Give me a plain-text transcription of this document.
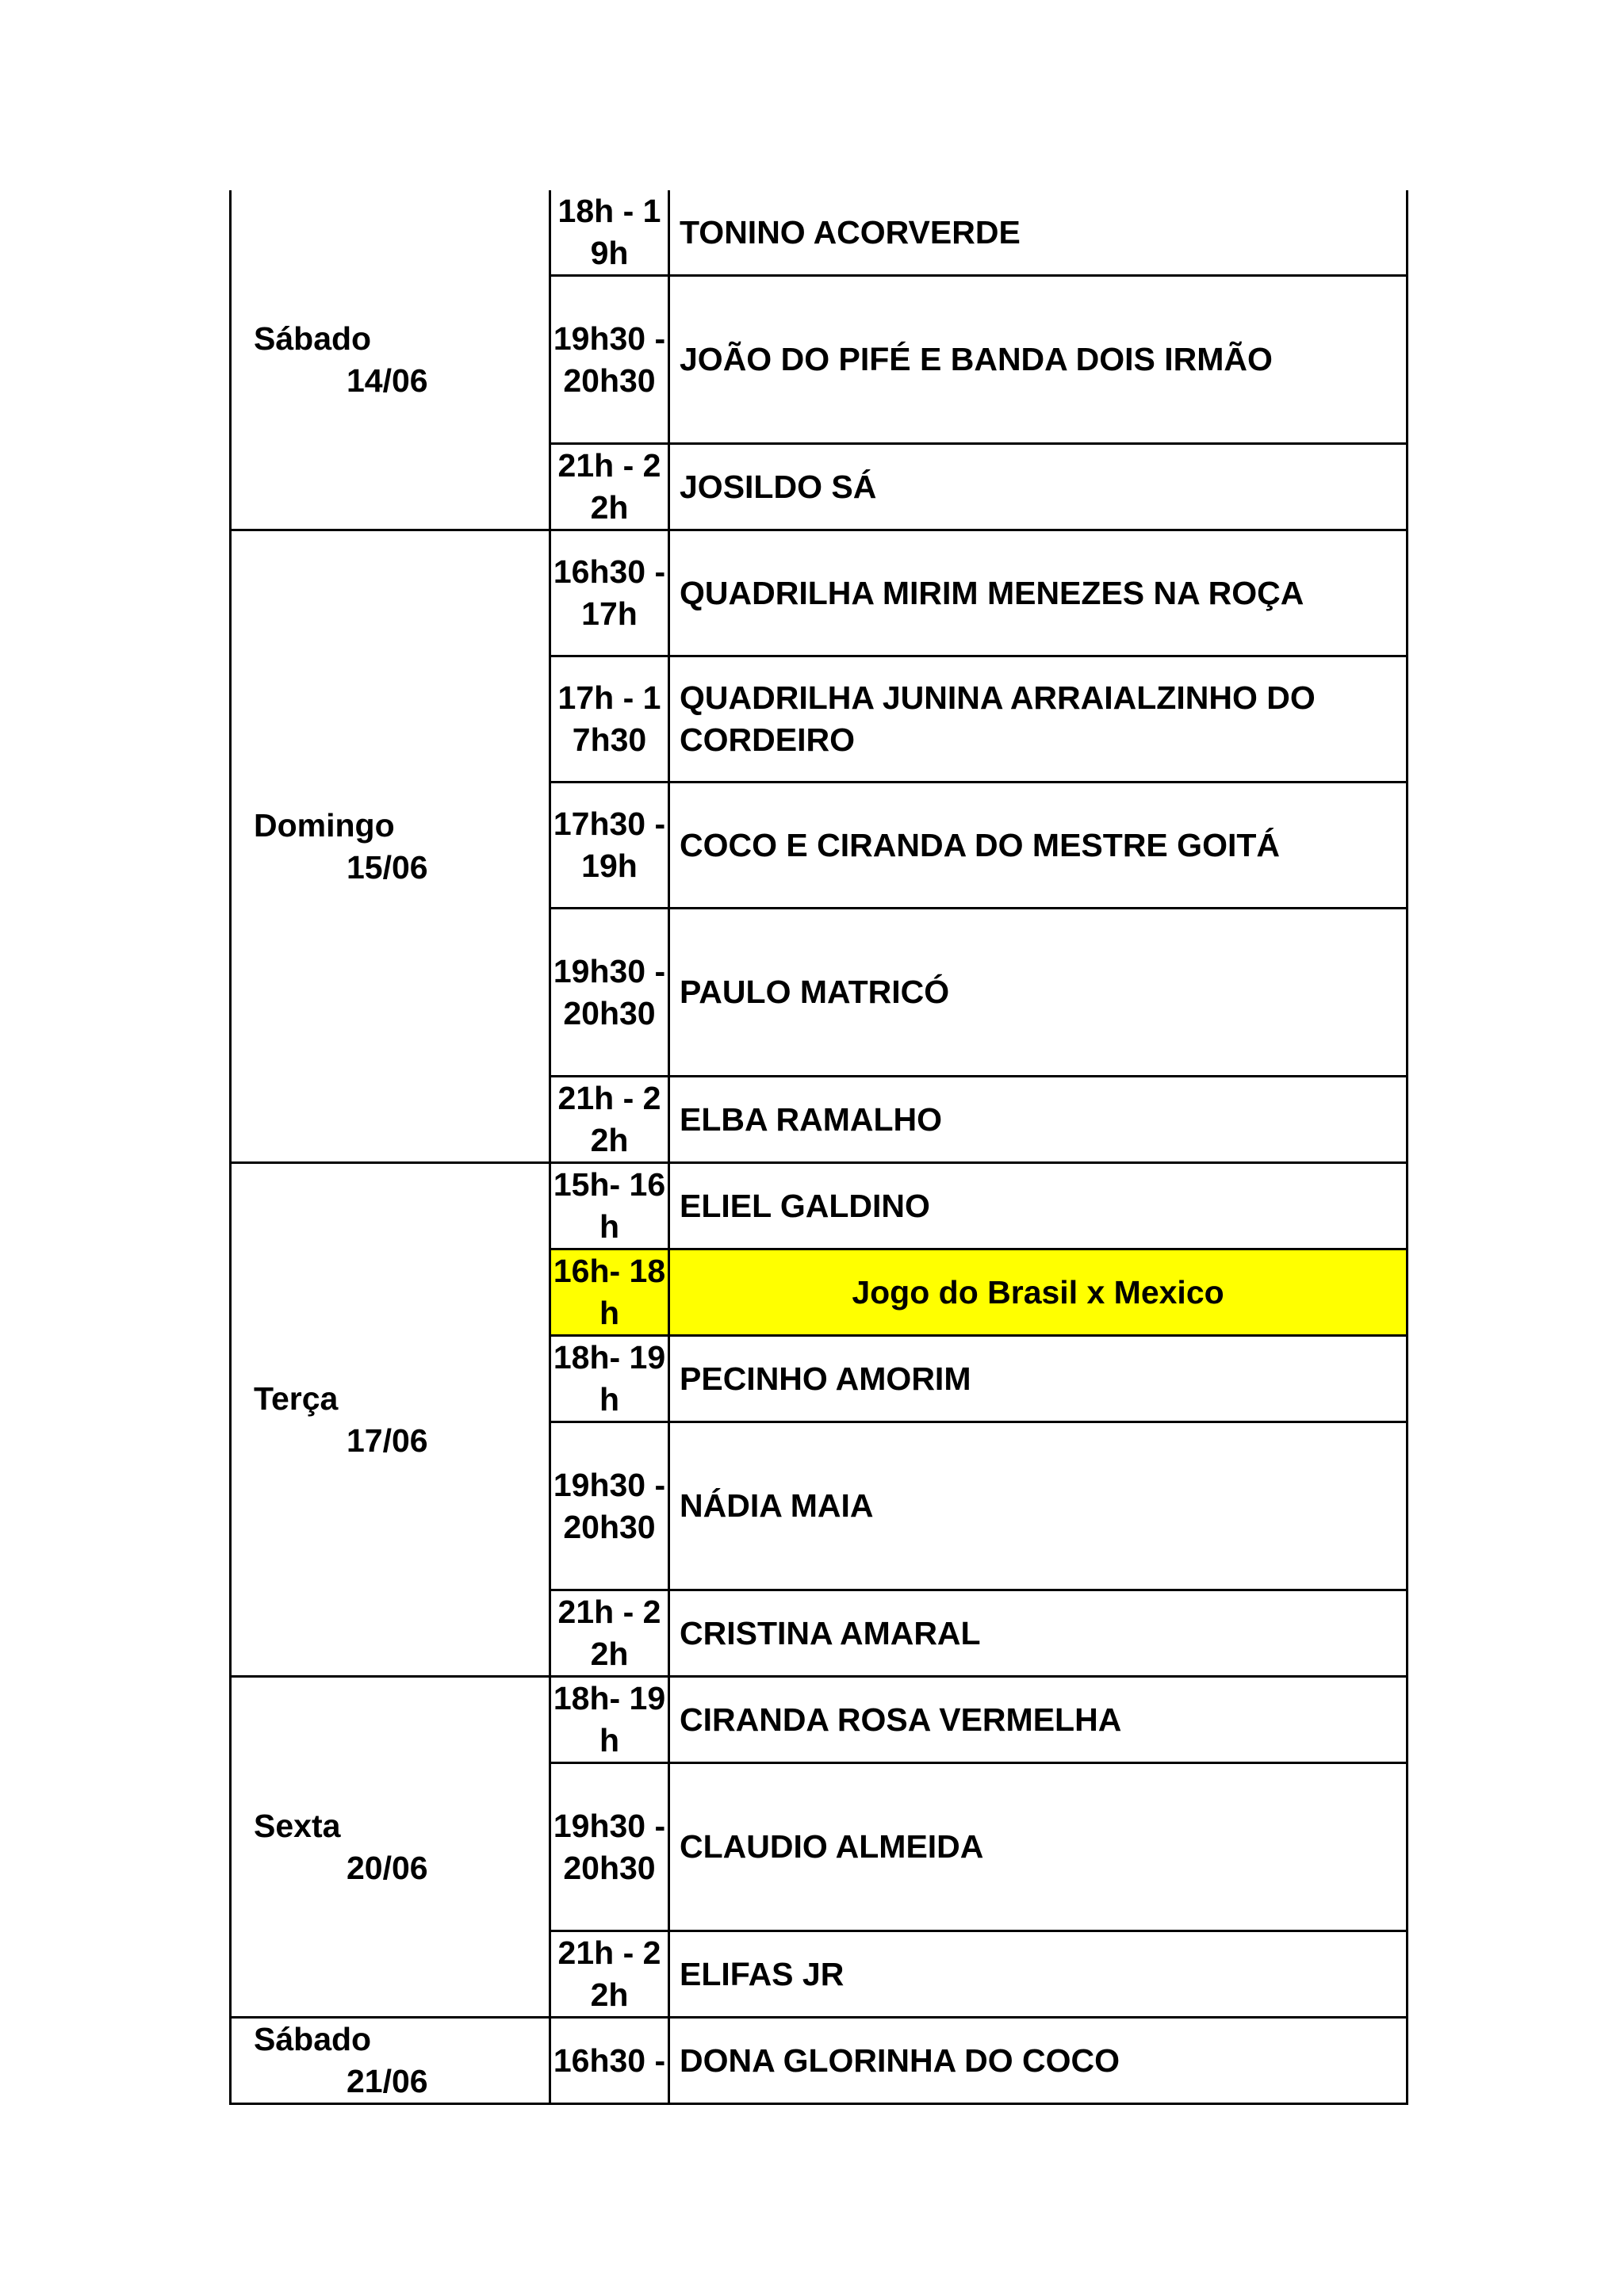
Sábado
14/06	18h - 19h	TONINO ACORVERDE
	19h30 - 20h30	JOÃO DO PIFÉ E BANDA DOIS IRMÃO
	21h - 22h	JOSILDO SÁ

Domingo
15/06	16h30 - 17h	QUADRILHA MIRIM MENEZES NA ROÇA
	17h - 17h30	QUADRILHA JUNINA ARRAIALZINHO DO CORDEIRO
	17h30 - 19h	COCO E CIRANDA DO MESTRE GOITÁ
	19h30 - 20h30	PAULO MATRICÓ
	21h - 22h	ELBA RAMALHO

Terça
17/06	15h- 16h	ELIEL GALDINO
	16h- 18h	Jogo do Brasil x Mexico
	18h- 19h	PECINHO AMORIM
	19h30 - 20h30	NÁDIA MAIA
	21h - 22h	CRISTINA AMARAL

Sexta
20/06	18h- 19h	CIRANDA ROSA VERMELHA
	19h30 - 20h30	CLAUDIO ALMEIDA
	21h - 22h	ELIFAS JR

Sábado
21/06	16h30 -	DONA GLORINHA DO COCO
